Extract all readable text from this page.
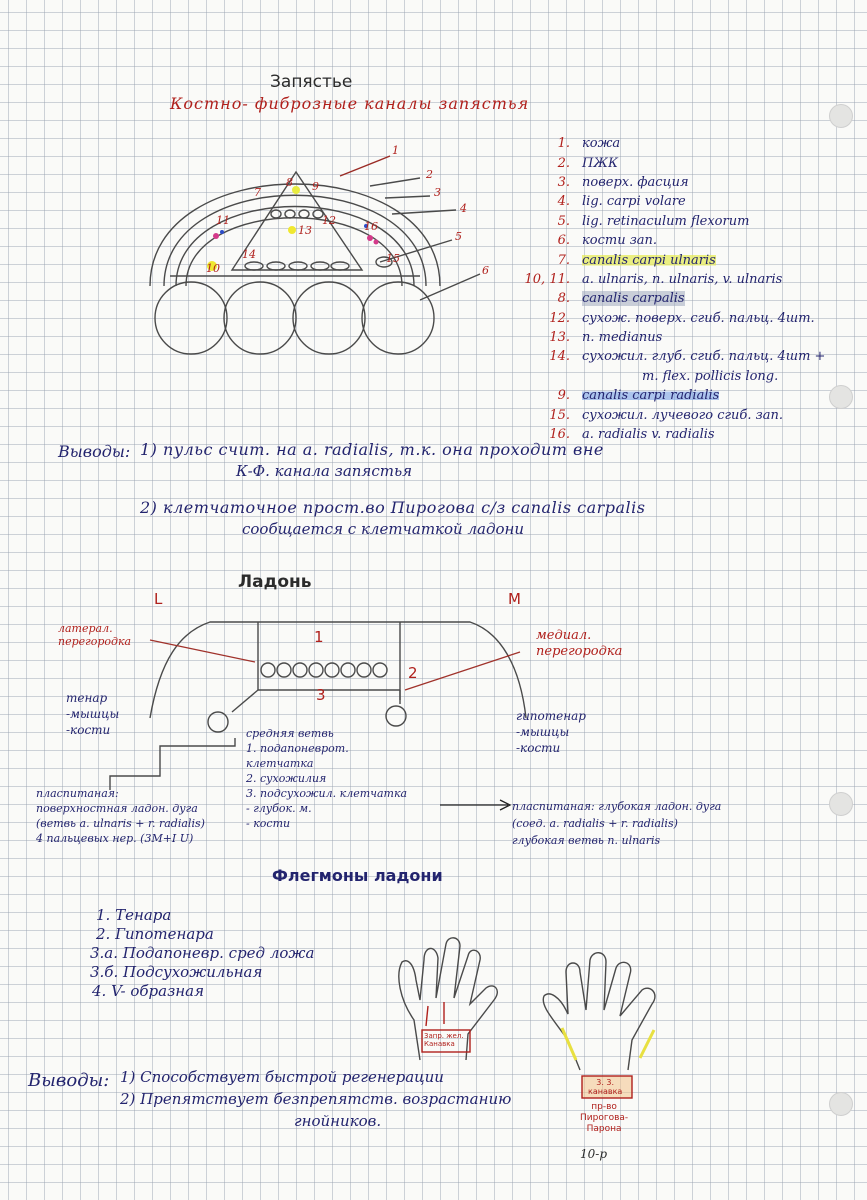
Запястье
Костно- фиброзные каналы запястья
1
2
3
4
5
6
7
8 9
11	12
13
14	15
16
10
1. кожа
2. ПЖК
3. поверх. фасция
4. lig. carpi volare
5. lig. retinaculum flexorum
6. кости зап.
7. canalis carpi ulnaris
10, 11. a. ulnaris, n. ulnaris, v. ulnaris
8. canalis carpalis
12. сухож. поверх. сгиб. пальц. 4шт.
13. n. medianus
14. сухожил. глуб. сгиб. пальц. 4шт +
m. flex. pollicis long.
9. canalis carpi radialis
15. сухожил. лучевого сгиб. зап.
16. a. radialis v. radialis
Выводы: 1) пульс счит. на a. radialis, т.к. она проходит вне
К-Ф. канала запястья
2) клетчаточное прост.во Пирогова с/з canalis carpalis
сообщается с клетчаткой ладони
Ладонь
L	M
1
2
3
латерал.
перегородка	медиал.
перегородка
тенар
-мышцы
-кости
гипотенар
-мышцы
-кости
средняя ветвь
1. подапоневрот.
клетчатка
2. сухожилия
3. подсухожил. клетчатка
- глубок. м.
- кости
пласпитаная:
поверхностная ладон. дуга
(ветвь a. ulnaris + r. radialis)
4 пальцевых нер. (3M+I U)
пласпитаная: глубокая ладон. дуга
(соед. a. radialis + r. radialis)
глубокая ветвь n. ulnaris
Флегмоны ладони
1. Тенара
2. Гипотенара
3.а. Подапоневр. сред ложа
3.б. Подсухожильная
4. V- образная
3апр. жел.
Канавка
3. 3.
канавка
пр-во
Пирогова-
Парона
10-р
Выводы: 1) Способствует быстрой регенерации
2) Препятствует безпрепятств. возрастанию
гнойников.
